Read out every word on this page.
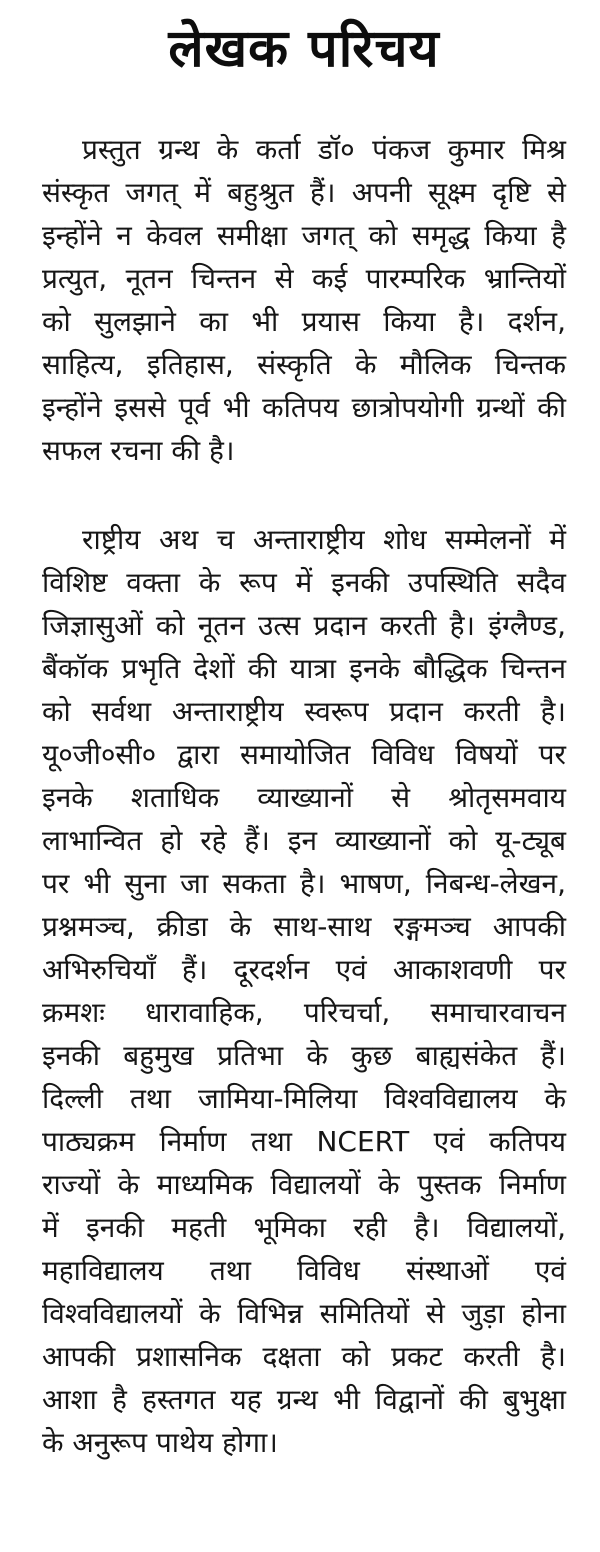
लेखक परिचय
प्रस्तुत ग्रन्थ के कर्ता डॉ० पंकज कुमार मिश्र
संस्कृत जगत् में बहुश्रुत हैं। अपनी सूक्ष्म दृष्टि से
इन्होंने न केवल समीक्षा जगत् को समृद्ध किया है
प्रत्युत, नूतन चिन्तन से कई पारम्परिक भ्रान्तियों
को सुलझाने का भी प्रयास किया है। दर्शन,
साहित्य, इतिहास, संस्कृति के मौलिक चिन्तक
इन्होंने इससे पूर्व भी कतिपय छात्रोपयोगी ग्रन्थों की
सफल रचना की है।
राष्ट्रीय अथ च अन्ताराष्ट्रीय शोध सम्मेलनों में
विशिष्ट वक्ता के रूप में इनकी उपस्थिति सदैव
जिज्ञासुओं को नूतन उत्स प्रदान करती है। इंग्लैण्ड,
बैंकॉक प्रभृति देशों की यात्रा इनके बौद्धिक चिन्तन
को सर्वथा अन्ताराष्ट्रीय स्वरूप प्रदान करती है।
यू०जी०सी० द्वारा समायोजित विविध विषयों पर
इनके शताधिक व्याख्यानों से श्रोतृसमवाय
लाभान्वित हो रहे हैं। इन व्याख्यानों को यू-ट्यूब
पर भी सुना जा सकता है। भाषण, निबन्ध-लेखन,
प्रश्नमञ्च, क्रीडा के साथ-साथ रङ्गमञ्च आपकी
अभिरुचियाँ हैं। दूरदर्शन एवं आकाशवणी पर
क्रमशः धारावाहिक, परिचर्चा, समाचारवाचन
इनकी बहुमुख प्रतिभा के कुछ बाह्यसंकेत हैं।
दिल्ली तथा जामिया-मिलिया विश्वविद्यालय के
पाठ्यक्रम निर्माण तथा NCERT एवं कतिपय
राज्यों के माध्यमिक विद्यालयों के पुस्तक निर्माण
में इनकी महती भूमिका रही है। विद्यालयों,
महाविद्यालय तथा विविध संस्थाओं एवं
विश्वविद्यालयों के विभिन्न समितियों से जुड़ा होना
आपकी प्रशासनिक दक्षता को प्रकट करती है।
आशा है हस्तगत यह ग्रन्थ भी विद्वानों की बुभुक्षा
के अनुरूप पाथेय होगा।
